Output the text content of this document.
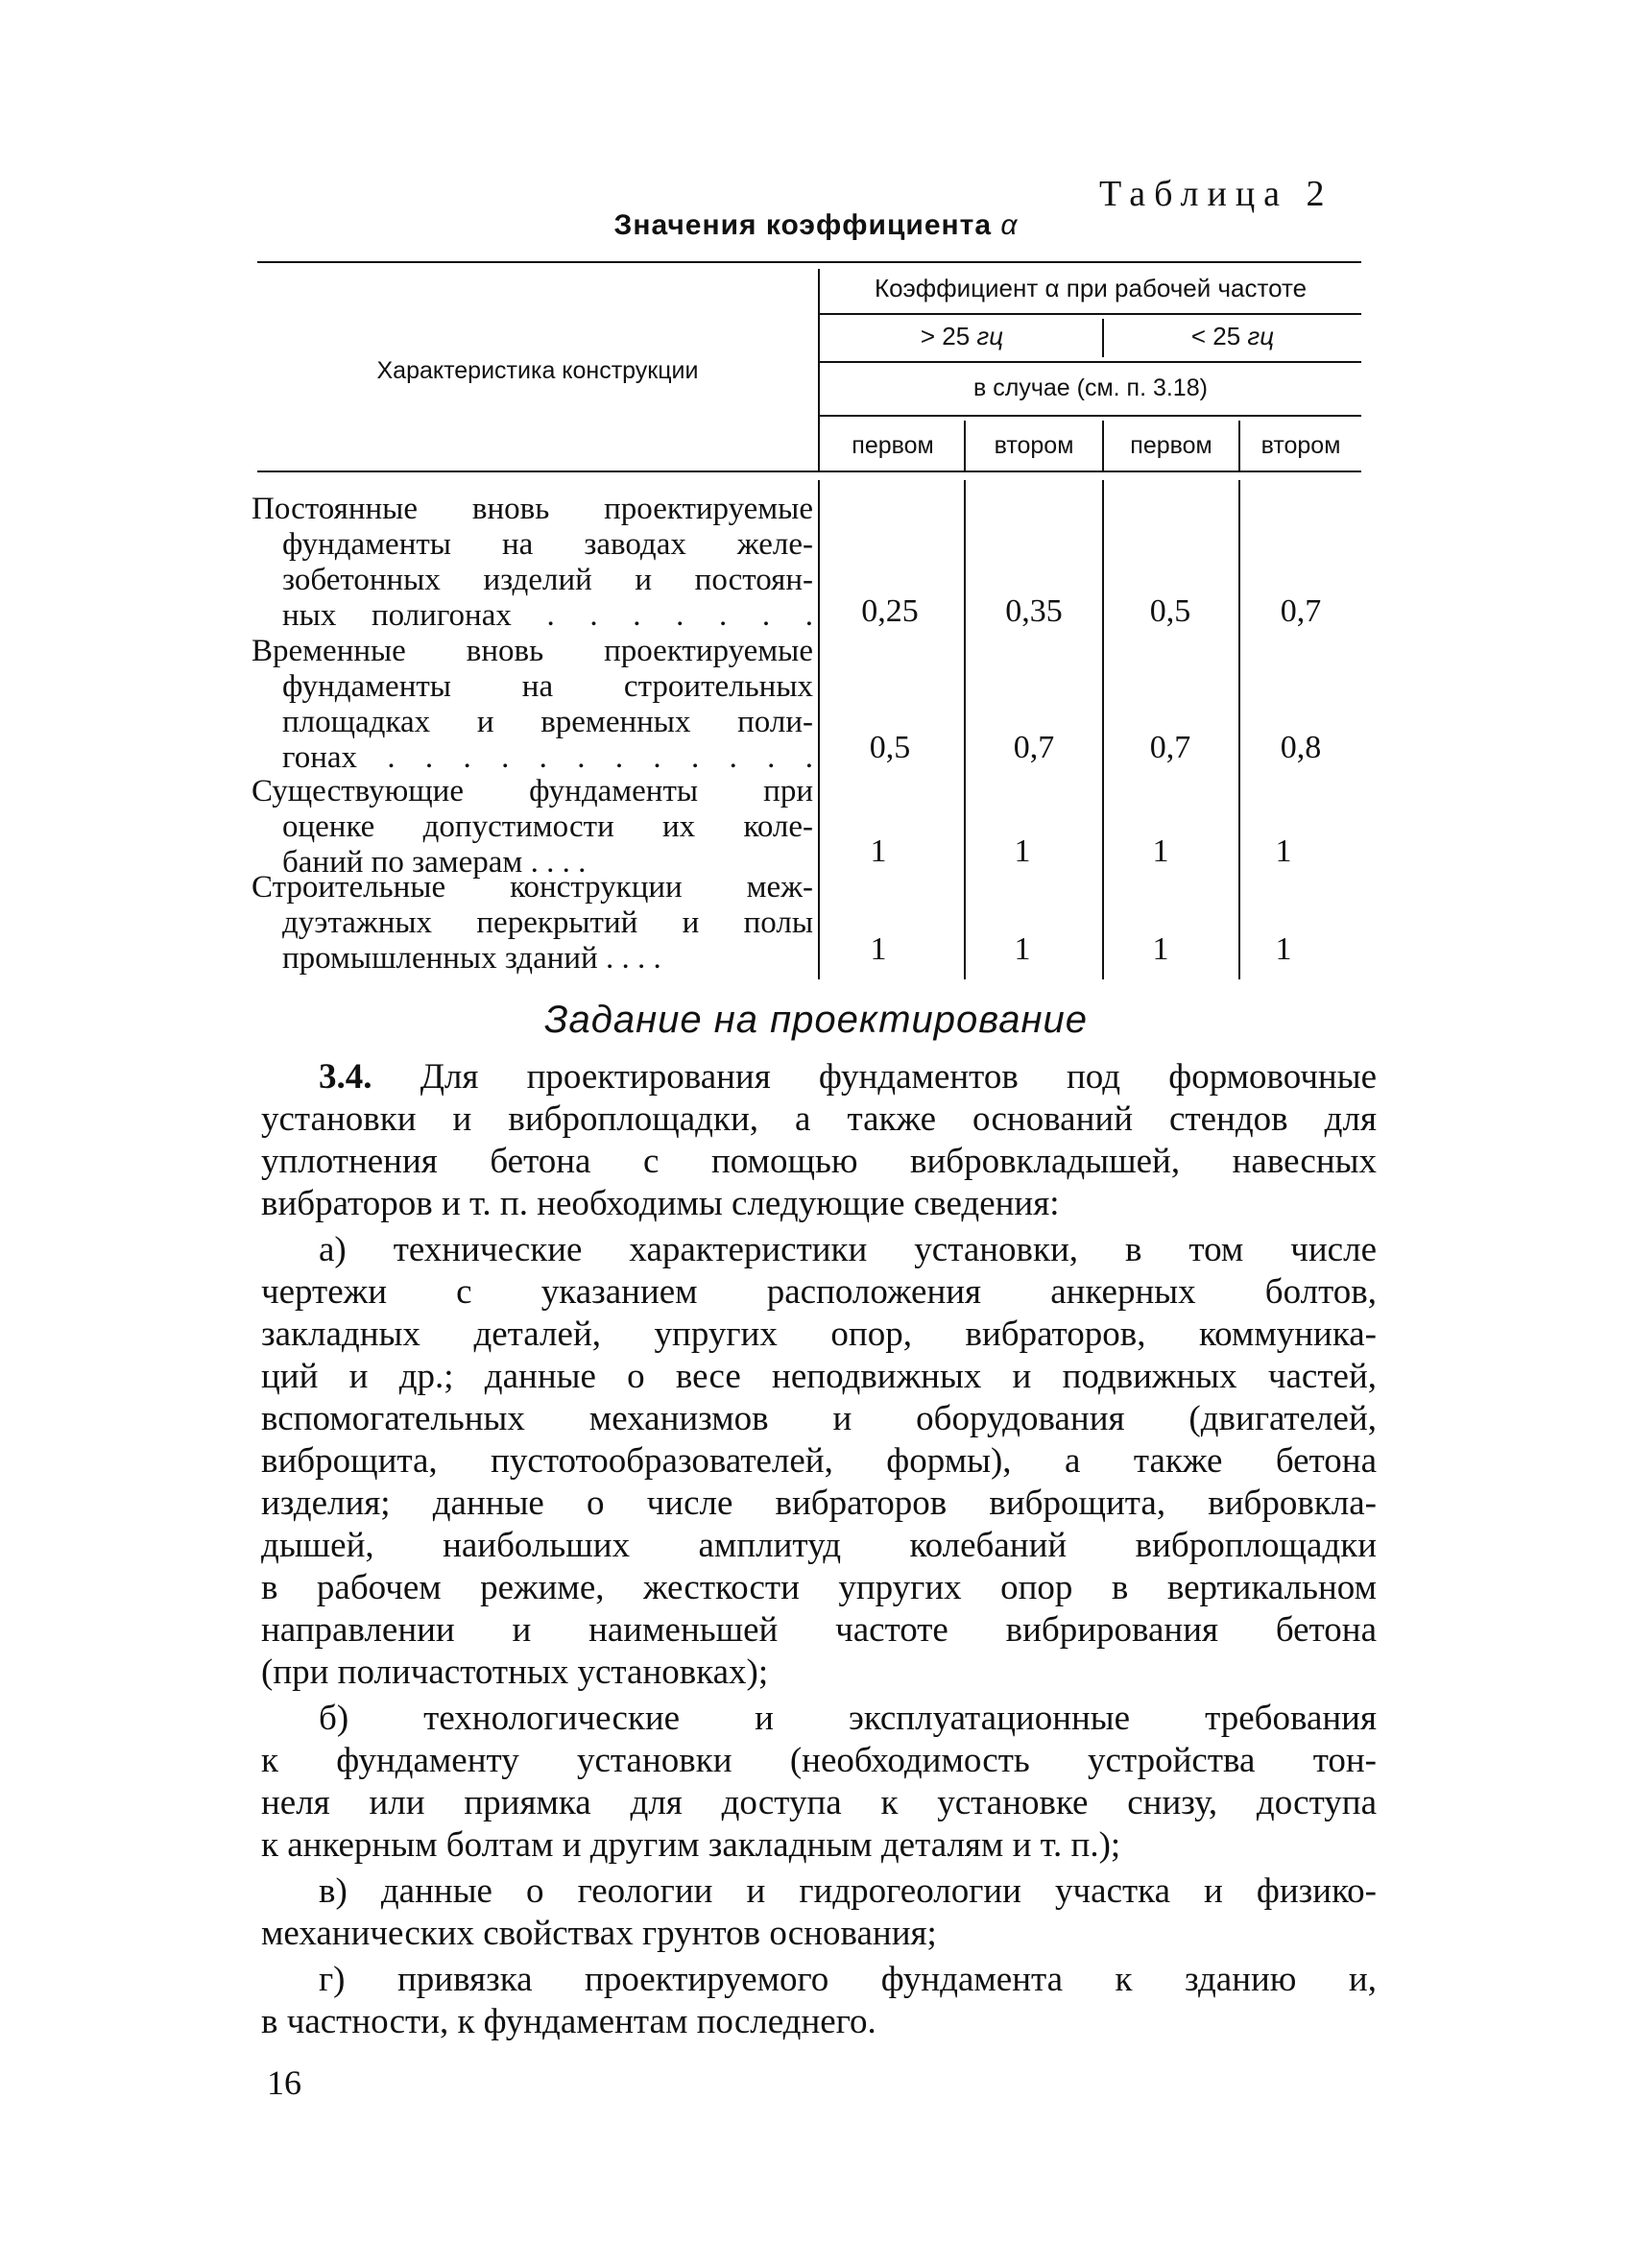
Таблица 2
Значения коэффициента α
Характеристика конструкции
Коэффициент α при рабочей частоте
> 25 гц	< 25 гц
в случае (см. п. 3.18)
первом	втором	первом	втором
Постоянные вновь проектируемые
фундаменты на заводах желе-
зобетонных изделий и постоян-
ных полигонах . . . . . . .	0,25	0,35	0,5	0,7
Временные вновь проектируемые
фундаменты на строительных
площадках и временных поли-
гонах . . . . . . . . . . . .	0,5	0,7	0,7	0,8
Существующие фундаменты при
оценке допустимости их коле-
баний по замерам . . . .	1	1	1	1
Строительные конструкции меж-
дуэтажных перекрытий и полы
промышленных зданий . . . .	1	1	1	1
Задание на проектирование
3.4. Для проектирования фундаментов под формовочные
установки и виброплощадки, а также оснований стендов для
уплотнения бетона с помощью вибровкладышей, навесных
вибраторов и т. п. необходимы следующие сведения:
а) технические характеристики установки, в том числе
чертежи с указанием расположения анкерных болтов,
закладных деталей, упругих опор, вибраторов, коммуника-
ций и др.; данные о весе неподвижных и подвижных частей,
вспомогательных механизмов и оборудования (двигателей,
виброщита, пустотообразователей, формы), а также бетона
изделия; данные о числе вибраторов виброщита, вибровкла-
дышей, наибольших амплитуд колебаний виброплощадки
в рабочем режиме, жесткости упругих опор в вертикальном
направлении и наименьшей частоте вибрирования бетона
(при поличастотных установках);
б) технологические и эксплуатационные требования
к фундаменту установки (необходимость устройства тон-
неля или приямка для доступа к установке снизу, доступа
к анкерным болтам и другим закладным деталям и т. п.);
в) данные о геологии и гидрогеологии участка и физико-
механических свойствах грунтов основания;
г) привязка проектируемого фундамента к зданию и,
в частности, к фундаментам последнего.
16
